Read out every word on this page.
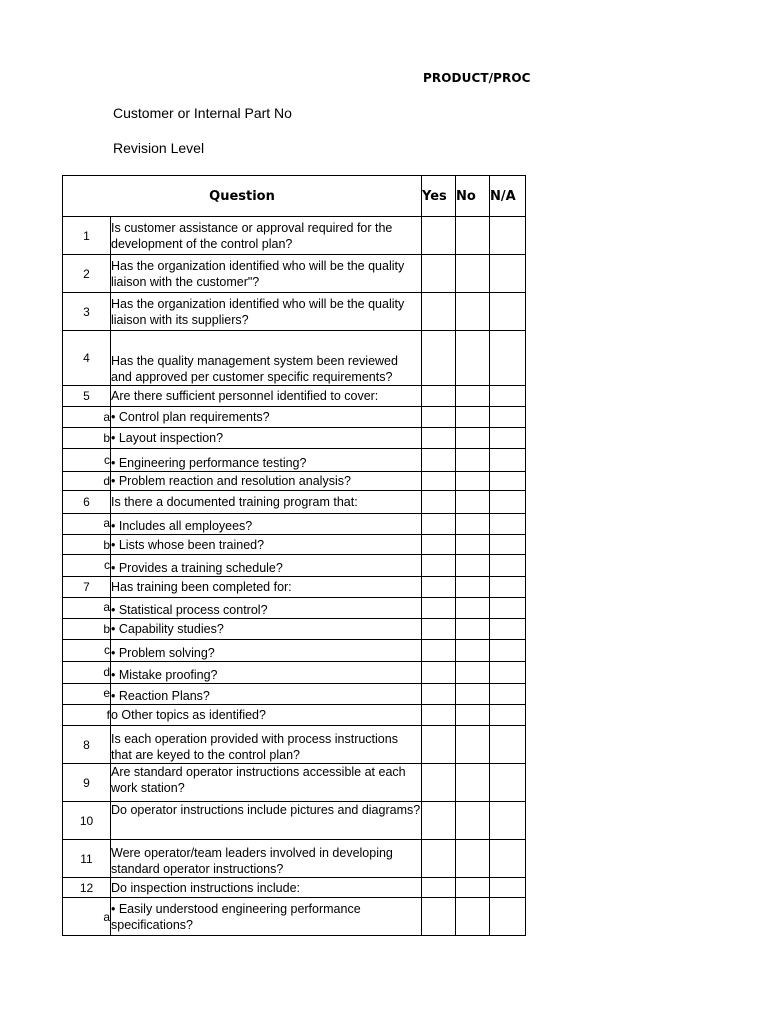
PRODUCT/PROC
Customer or Internal Part No
Revision Level
Question		Yes	No	N/A
1	Is customer assistance or approval required for the development of the control plan?			
2	Has the organization identified who will be the quality liaison with the customer"?			
3	Has the organization identified who will be the quality liaison with its suppliers?			
4	Has the quality management system been reviewed and approved per customer specific requirements?			
5	Are there sufficient personnel identified to cover:			
a	• Control plan requirements?			
b	• Layout inspection?			
c	• Engineering performance testing?			
d	• Problem reaction and resolution analysis?			
6	Is there a documented training program that:			
a	• Includes all employees?			
b	• Lists whose been trained?			
c	• Provides a training schedule?			
7	Has training been completed for:			
a	• Statistical process control?			
b	• Capability studies?			
c	• Problem solving?			
d	• Mistake proofing?			
e	• Reaction Plans?			
f	o Other topics as identified?			
8	Is each operation provided with process instructions that are keyed to the control plan?			
9	Are standard operator instructions accessible at each work station?			
10	Do operator instructions include pictures and diagrams?			
11	Were operator/team leaders involved in developing standard operator instructions?			
12	Do inspection instructions include:			
a	• Easily understood engineering performance specifications?			
